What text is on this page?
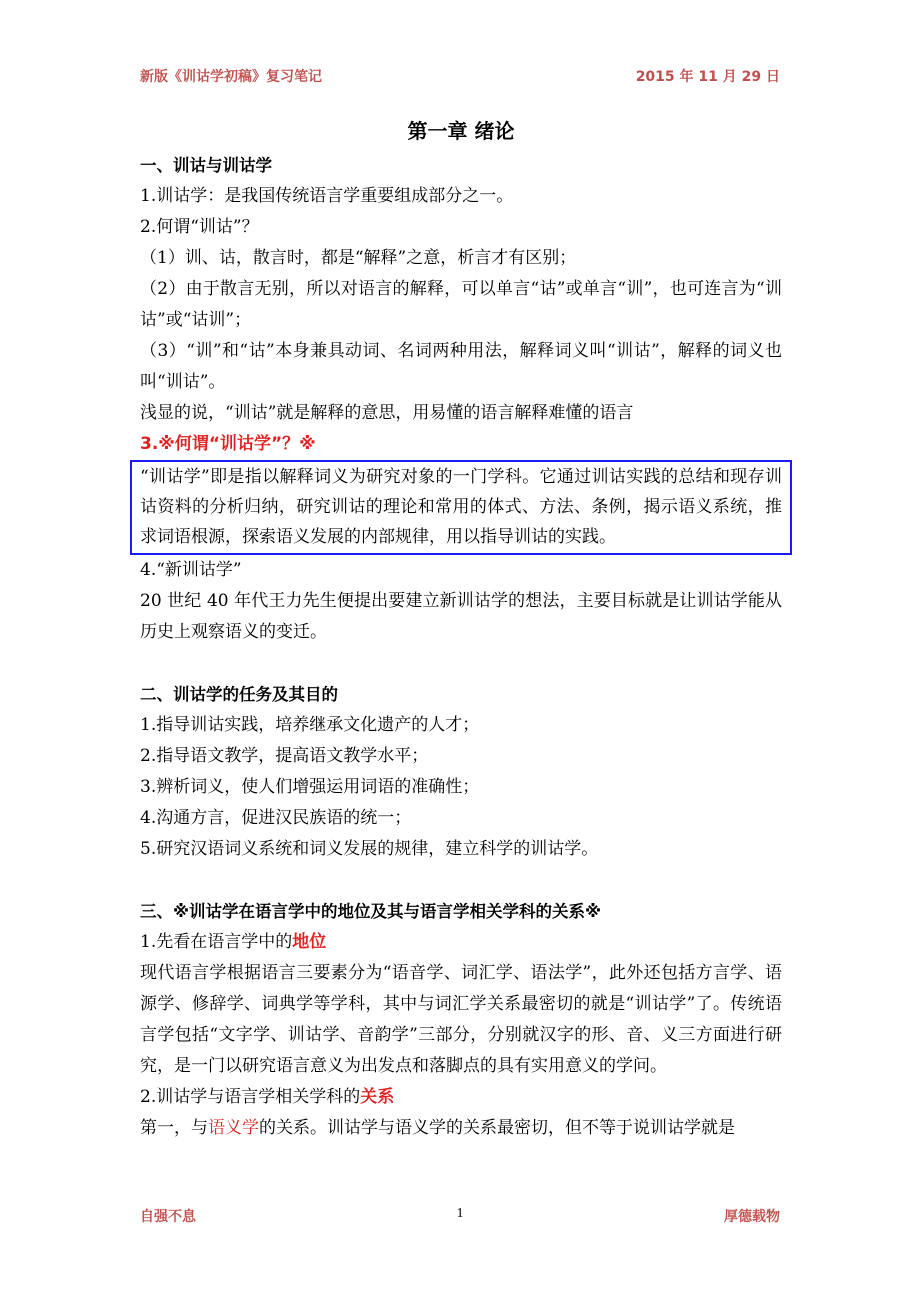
新版《训诂学初稿》复习笔记	2015 年 11 月 29 日
第一章 绪论
一、训诂与训诂学

1.训诂学：是我国传统语言学重要组成部分之一。

2.何谓“训诂”？

（1）训、诂，散言时，都是“解释”之意，析言才有区别；

（2）由于散言无别，所以对语言的解释，可以单言“诂”或单言“训”，也可连言为“训诂”或“诂训”；

（3）“训”和“诂”本身兼具动词、名词两种用法，解释词义叫“训诂”，解释的词义也叫“训诂”。

浅显的说，“训诂”就是解释的意思，用易懂的语言解释难懂的语言

3.※何谓“训诂学”？※

“训诂学”即是指以解释词义为研究对象的一门学科。它通过训诂实践的总结和现存训诂资料的分析归纳，研究训诂的理论和常用的体式、方法、条例，揭示语义系统，推求词语根源，探索语义发展的内部规律，用以指导训诂的实践。

4.“新训诂学”

20 世纪 40 年代王力先生便提出要建立新训诂学的想法，主要目标就是让训诂学能从历史上观察语义的变迁。

二、训诂学的任务及其目的

1.指导训诂实践，培养继承文化遗产的人才；

2.指导语文教学，提高语文教学水平；

3.辨析词义，使人们增强运用词语的准确性；

4.沟通方言，促进汉民族语的统一；

5.研究汉语词义系统和词义发展的规律，建立科学的训诂学。

三、※训诂学在语言学中的地位及其与语言学相关学科的关系※

1.先看在语言学中的地位

现代语言学根据语言三要素分为“语音学、词汇学、语法学”，此外还包括方言学、语源学、修辞学、词典学等学科，其中与词汇学关系最密切的就是“训诂学”了。传统语言学包括“文字学、训诂学、音韵学”三部分，分别就汉字的形、音、义三方面进行研究，是一门以研究语言意义为出发点和落脚点的具有实用意义的学问。

2.训诂学与语言学相关学科的关系

第一，与语义学的关系。训诂学与语义学的关系最密切，但不等于说训诂学就是

自强不息	1	厚德载物
